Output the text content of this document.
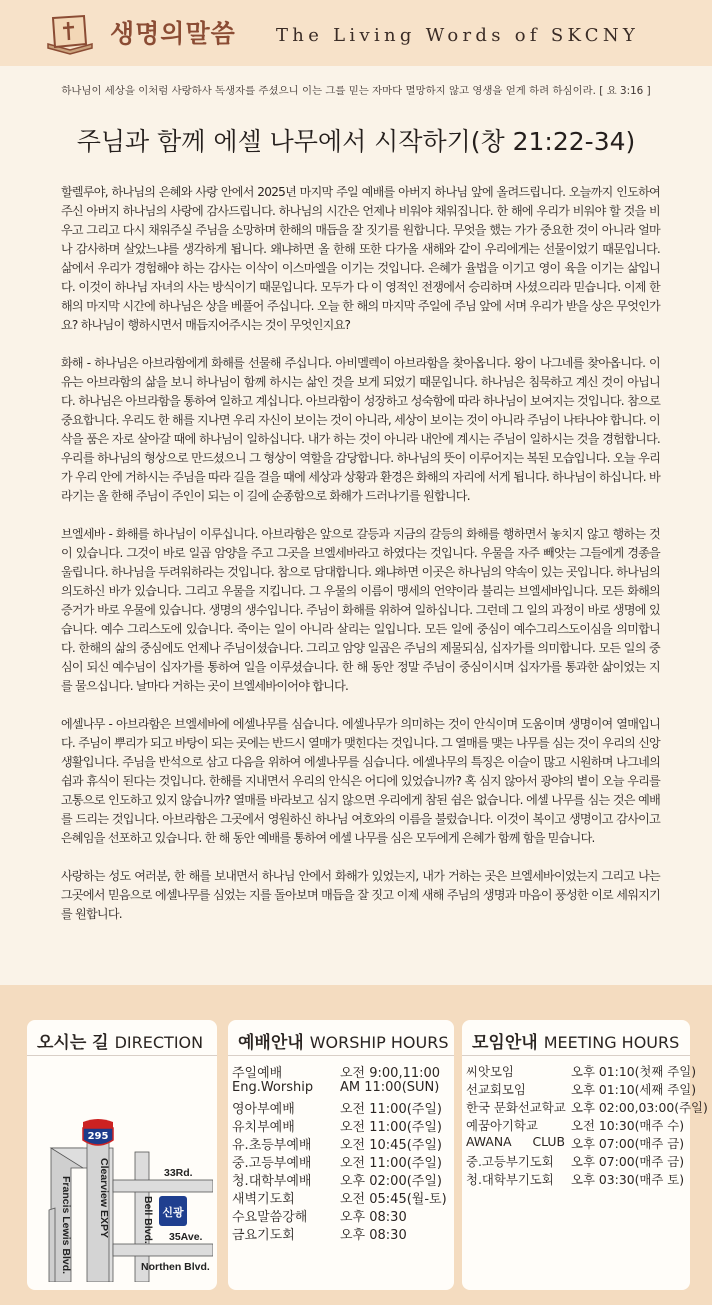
생명의말씀 The Living Words of SKCNY
하나님이 세상을 이처럼 사랑하사 독생자를 주셨으니 이는 그를 믿는 자마다 멸망하지 않고 영생을 얻게 하려 하심이라. [ 요 3:16 ]
주님과 함께 에셀 나무에서 시작하기(창 21:22-34)

할렐루야, 하나님의 은혜와 사랑 안에서 2025년 마지막 주일 예배를 아버지 하나님 앞에 올려드립니다. 오늘까지 인도하여 주신 아버지 하나님의 사랑에 감사드립니다. 하나님의 시간은 언제나 비워야 채워집니다. 한 해에 우리가 비워야 할 것을 비우고 그리고 다시 채워주실 주님을 소망하며 한해의 매듭을 잘 짓기를 원합니다. 무엇을 했는 가가 중요한 것이 아니라 얼마나 감사하며 살았느냐를 생각하게 됩니다. 왜냐하면 올 한해 또한 다가올 새해와 같이 우리에게는 선물이었기 때문입니다. 삶에서 우리가 경험해야 하는 감사는 이삭이 이스마엘을 이기는 것입니다. 은혜가 율법을 이기고 영이 육을 이기는 삶입니다. 이것이 하나님 자녀의 사는 방식이기 때문입니다. 모두가 다 이 영적인 전쟁에서 승리하며 사셨으리라 믿습니다. 이제 한해의 마지막 시간에 하나님은 상을 베풀어 주십니다. 오늘 한 해의 마지막 주일에 주님 앞에 서며 우리가 받을 상은 무엇인가요? 하나님이 행하시면서 매듭지어주시는 것이 무엇인지요?

화해 - 하나님은 아브라함에게 화해를 선물해 주십니다. 아비멜렉이 아브라함을 찾아옵니다. 왕이 나그네를 찾아옵니다. 이유는 아브라함의 삶을 보니 하나님이 함께 하시는 삶인 것을 보게 되었기 때문입니다. 하나님은 침묵하고 계신 것이 아닙니다. 하나님은 아브라함을 통하여 일하고 계십니다. 아브라함이 성장하고 성숙함에 따라 하나님이 보여지는 것입니다. 참으로 중요합니다. 우리도 한 해를 지나면 우리 자신이 보이는 것이 아니라, 세상이 보이는 것이 아니라 주님이 나타나야 합니다. 이삭을 품은 자로 살아갈 때에 하나님이 일하십니다. 내가 하는 것이 아니라 내안에 계시는 주님이 일하시는 것을 경험합니다. 우리를 하나님의 형상으로 만드셨으니 그 형상이 역할을 감당합니다. 하나님의 뜻이 이루어지는 복된 모습입니다. 오늘 우리가 우리 안에 거하시는 주님을 따라 길을 걸을 때에 세상과 상황과 환경은 화해의 자리에 서게 됩니다. 하나님이 하십니다. 바라기는 올 한해 주님이 주인이 되는 이 길에 순종함으로 화해가 드러나기를 원합니다.

브엘세바 - 화해를 하나님이 이루십니다. 아브라함은 앞으로 갈등과 지금의 갈등의 화해를 행하면서 놓치지 않고 행하는 것이 있습니다. 그것이 바로 일곱 암양을 주고 그곳을 브엘세바라고 하였다는 것입니다. 우물을 자주 빼앗는 그들에게 경종을 울립니다. 하나님을 두려워하라는 것입니다. 참으로 담대합니다. 왜냐하면 이곳은 하나님의 약속이 있는 곳입니다. 하나님의 의도하신 바가 있습니다. 그리고 우물을 지킵니다. 그 우물의 이름이 맹세의 언약이라 불리는 브엘세바입니다. 모든 화해의 증거가 바로 우물에 있습니다. 생명의 생수입니다. 주님이 화해를 위하여 일하십니다. 그런데 그 일의 과정이 바로 생명에 있습니다. 예수 그리스도에 있습니다. 죽이는 일이 아니라 살리는 일입니다. 모든 일에 중심이 예수그리스도이심을 의미합니다. 한해의 삶의 중심에도 언제나 주님이셨습니다. 그리고 암양 일곱은 주님의 제물되심, 십자가를 의미합니다. 모든 일의 중심이 되신 예수님이 십자가를 통하여 일을 이루셨습니다. 한 해 동안 정말 주님이 중심이시며 십자가를 통과한 삶이었는 지를 물으십니다. 날마다 거하는 곳이 브엘세바이어야 합니다.

에셀나무 - 아브라함은 브엘세바에 에셀나무를 심습니다. 에셀나무가 의미하는 것이 안식이며 도움이며 생명이여 열매입니다. 주님이 뿌리가 되고 바탕이 되는 곳에는 반드시 열매가 맺힌다는 것입니다. 그 열매를 맺는 나무를 심는 것이 우리의 신앙생활입니다. 주님을 반석으로 삼고 다음을 위하여 에셀나무를 심습니다. 에셀나무의 특징은 이슬이 많고 시원하며 나그네의 쉼과 휴식이 된다는 것입니다. 한해를 지내면서 우리의 안식은 어디에 있었습니까? 혹 심지 않아서 광야의 볕이 오늘 우리를 고통으로 인도하고 있지 않습니까? 열매를 바라보고 심지 않으면 우리에게 참된 쉼은 없습니다. 에셀 나무를 심는 것은 예배를 드리는 것입니다. 아브라함은 그곳에서 영원하신 하나님 여호와의 이름을 불렀습니다. 이것이 복이고 생명이고 감사이고 은혜임을 선포하고 있습니다. 한 해 동안 예배를 통하여 에셀 나무를 심은 모두에게 은혜가 함께 함을 믿습니다.

사랑하는 성도 여러분, 한 해를 보내면서 하나님 안에서 화해가 있었는지, 내가 거하는 곳은 브엘세바이었는지 그리고 나는 그곳에서 믿음으로 에셀나무를 심었는 지를 돌아보며 매듭을 잘 짓고 이제 새해 주님의 생명과 마음이 풍성한 이로 세워지기를 원합니다.

오시는 길 DIRECTION
295
신광
Clearview EXPY
Francis Lewis Blvd.	Bell Blvd.
33Rd.
35Ave.
Northen Blvd.
예배안내 WORSHIP HOURS
주일예배	오전 9:00,11:00
Eng.Worship	AM 11:00(SUN)
영아부예배	오전 11:00(주일)
유치부예배	오전 11:00(주일)
유.초등부예배	오전 10:45(주일)
중.고등부예배	오전 11:00(주일)
청.대학부예배	오후 02:00(주일)
새벽기도회	오전 05:45(월-토)
수요말씀강해	오후 08:30
금요기도회	오후 08:30
모임안내 MEETING HOURS
씨앗모임	오후 01:10(첫째 주일)
선교회모임	오후 01:10(세째 주일)
한국 문화선교학교 오후 02:00,03:00(주일)
예꿈아기학교	오전 10:30(매주 수)
AWANA CLUB 오후 07:00(매주 금)
중.고등부기도회	오후 07:00(매주 금)
청.대학부기도회	오후 03:30(매주 토)
